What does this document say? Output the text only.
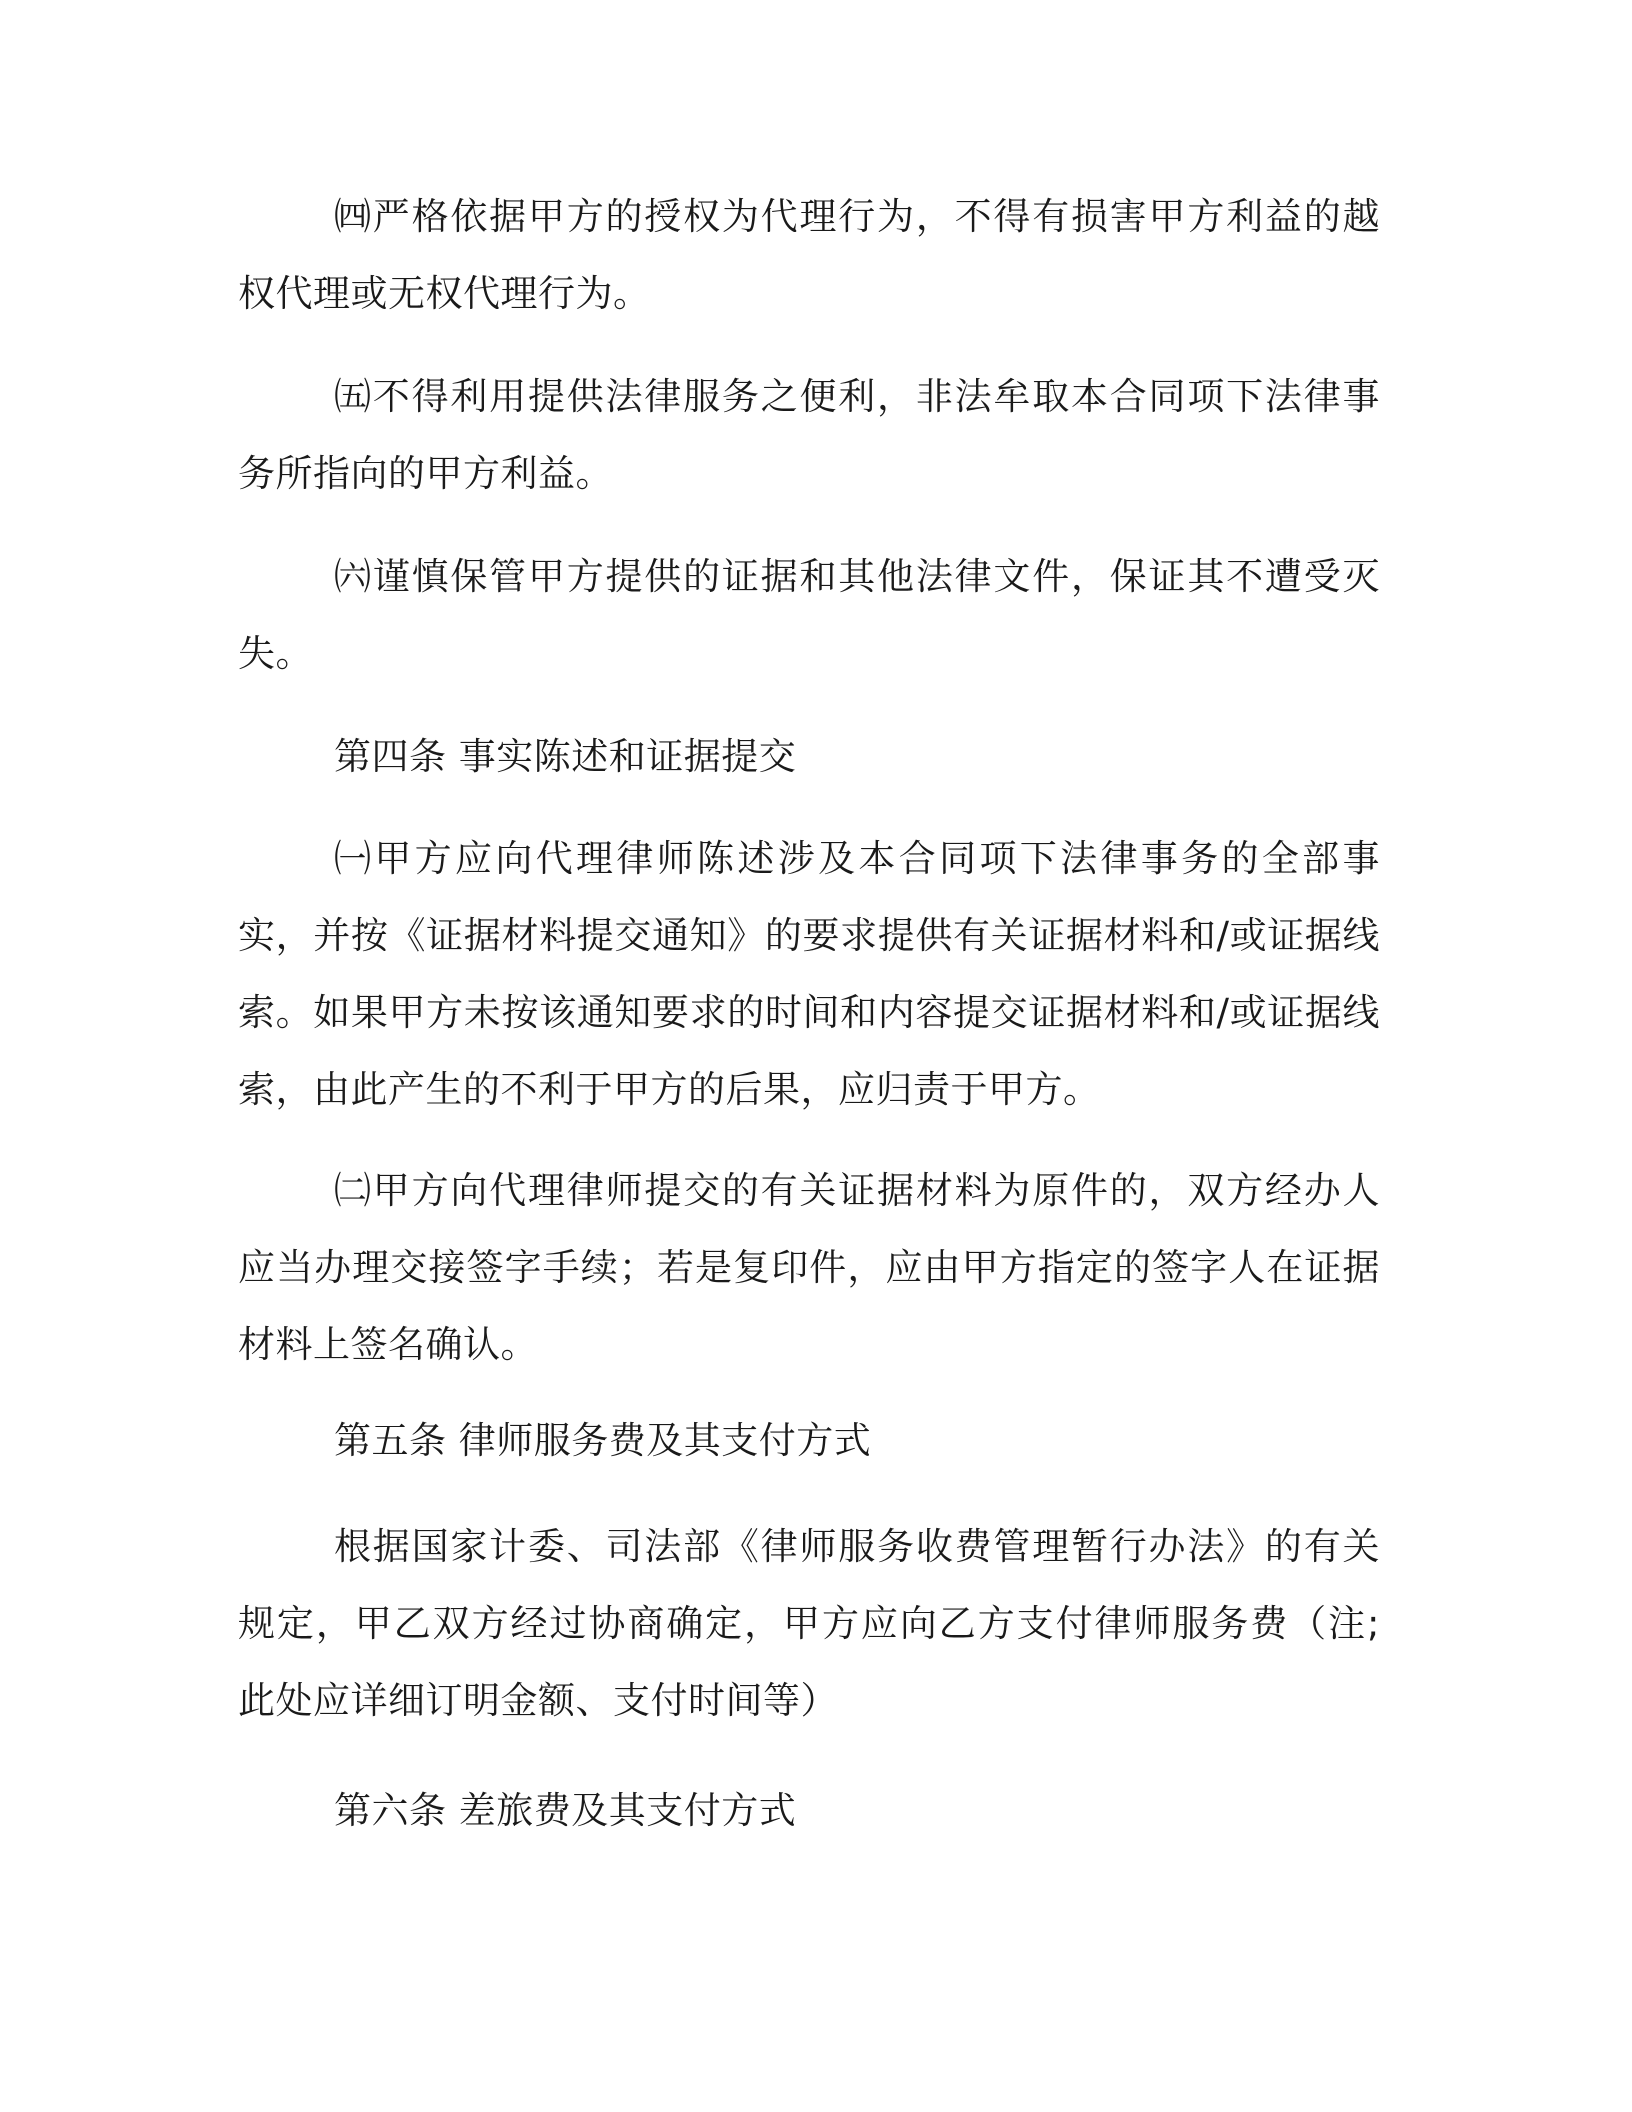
㈣严格依据甲方的授权为代理行为，不得有损害甲方利益的越权代理或无权代理行为。

㈤不得利用提供法律服务之便利，非法牟取本合同项下法律事务所指向的甲方利益。

㈥谨慎保管甲方提供的证据和其他法律文件，保证其不遭受灭失。

第四条 事实陈述和证据提交

㈠甲方应向代理律师陈述涉及本合同项下法律事务的全部事实，并按《证据材料提交通知》的要求提供有关证据材料和/或证据线索。如果甲方未按该通知要求的时间和内容提交证据材料和/或证据线索，由此产生的不利于甲方的后果，应归责于甲方。

㈡甲方向代理律师提交的有关证据材料为原件的，双方经办人应当办理交接签字手续；若是复印件，应由甲方指定的签字人在证据材料上签名确认。

第五条 律师服务费及其支付方式

根据国家计委、司法部《律师服务收费管理暂行办法》的有关规定，甲乙双方经过协商确定，甲方应向乙方支付律师服务费（注; 此处应详细订明金额、支付时间等）

第六条 差旅费及其支付方式
